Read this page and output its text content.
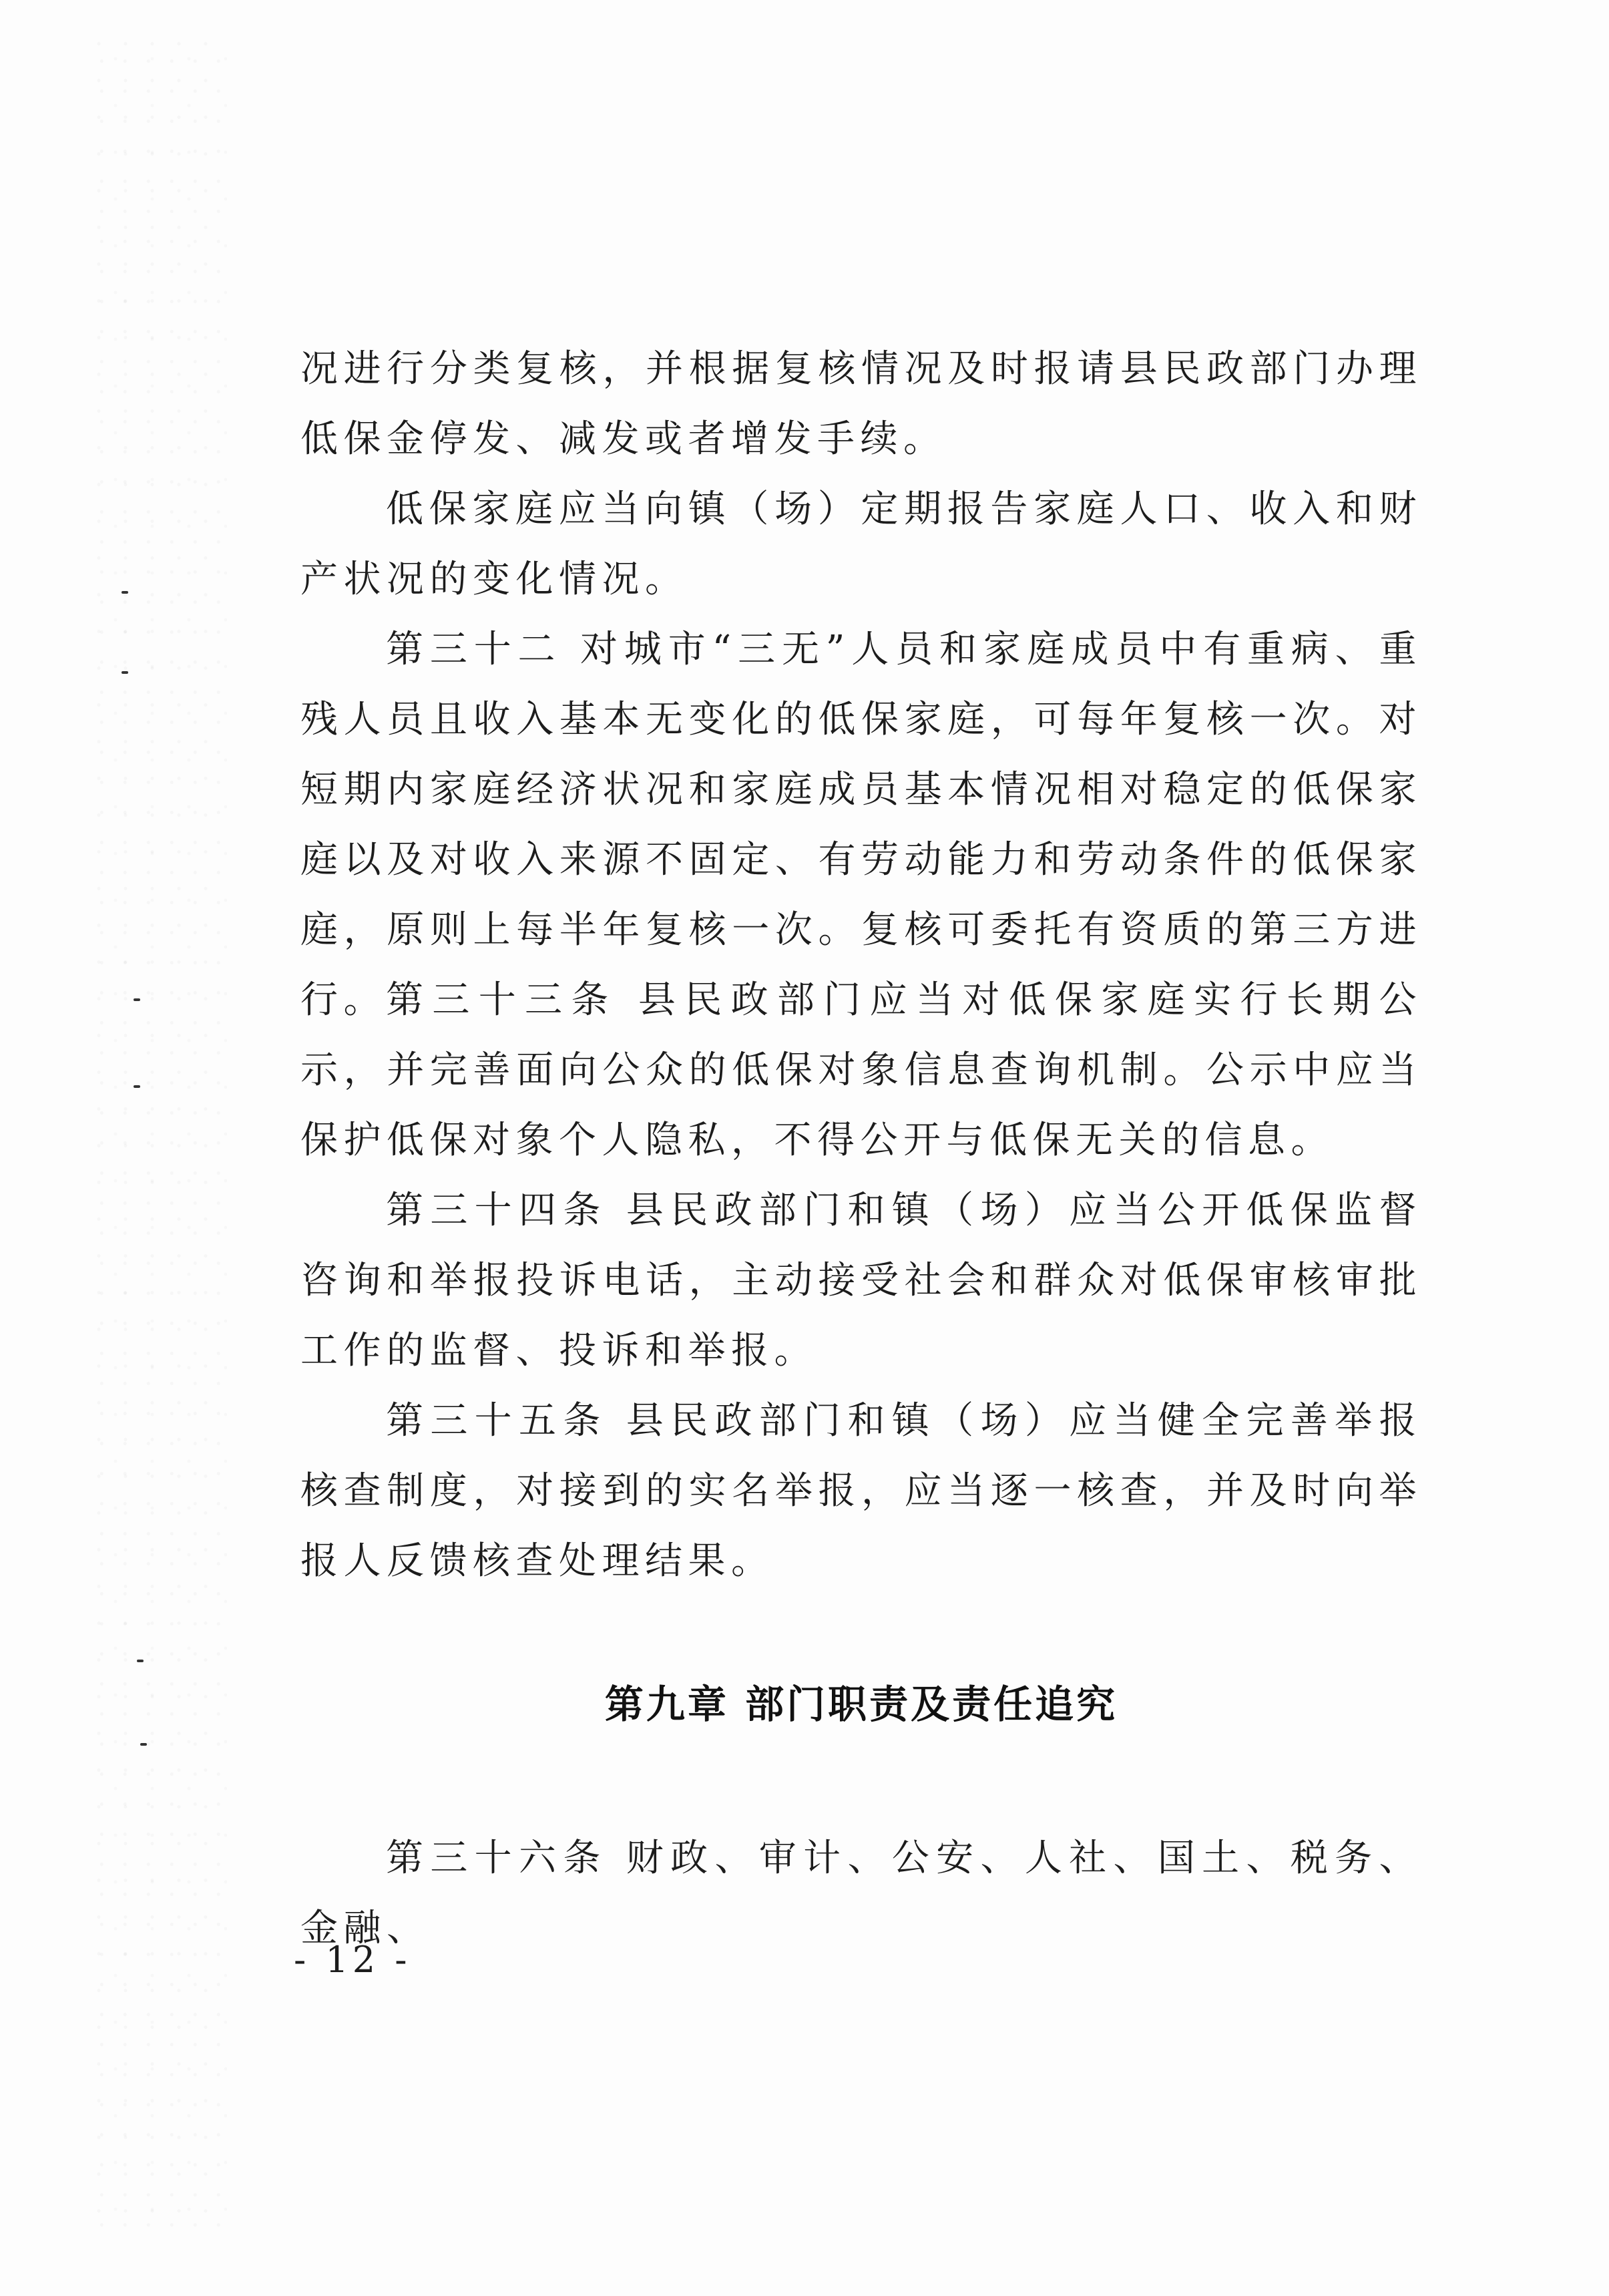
况进行分类复核，并根据复核情况及时报请县民政部门办理低保金停发、减发或者增发手续。

低保家庭应当向镇（场）定期报告家庭人口、收入和财产状况的变化情况。

第三十二 对城市“三无”人员和家庭成员中有重病、重残人员且收入基本无变化的低保家庭，可每年复核一次。对短期内家庭经济状况和家庭成员基本情况相对稳定的低保家庭以及对收入来源不固定、有劳动能力和劳动条件的低保家庭，原则上每半年复核一次。复核可委托有资质的第三方进行。 第三十三条 县民政部门应当对低保家庭实行长期公示，并完善面向公众的低保对象信息查询机制。公示中应当保护低保对象个人隐私，不得公开与低保无关的信息。

第三十四条 县民政部门和镇（场）应当公开低保监督咨询和举报投诉电话，主动接受社会和群众对低保审核审批工作的监督、投诉和举报。

第三十五条 县民政部门和镇（场）应当健全完善举报核查制度，对接到的实名举报，应当逐一核查，并及时向举报人反馈核查处理结果。

第九章 部门职责及责任追究

第三十六条 财政、审计、公安、人社、国土、税务、金融、

- 12 -
